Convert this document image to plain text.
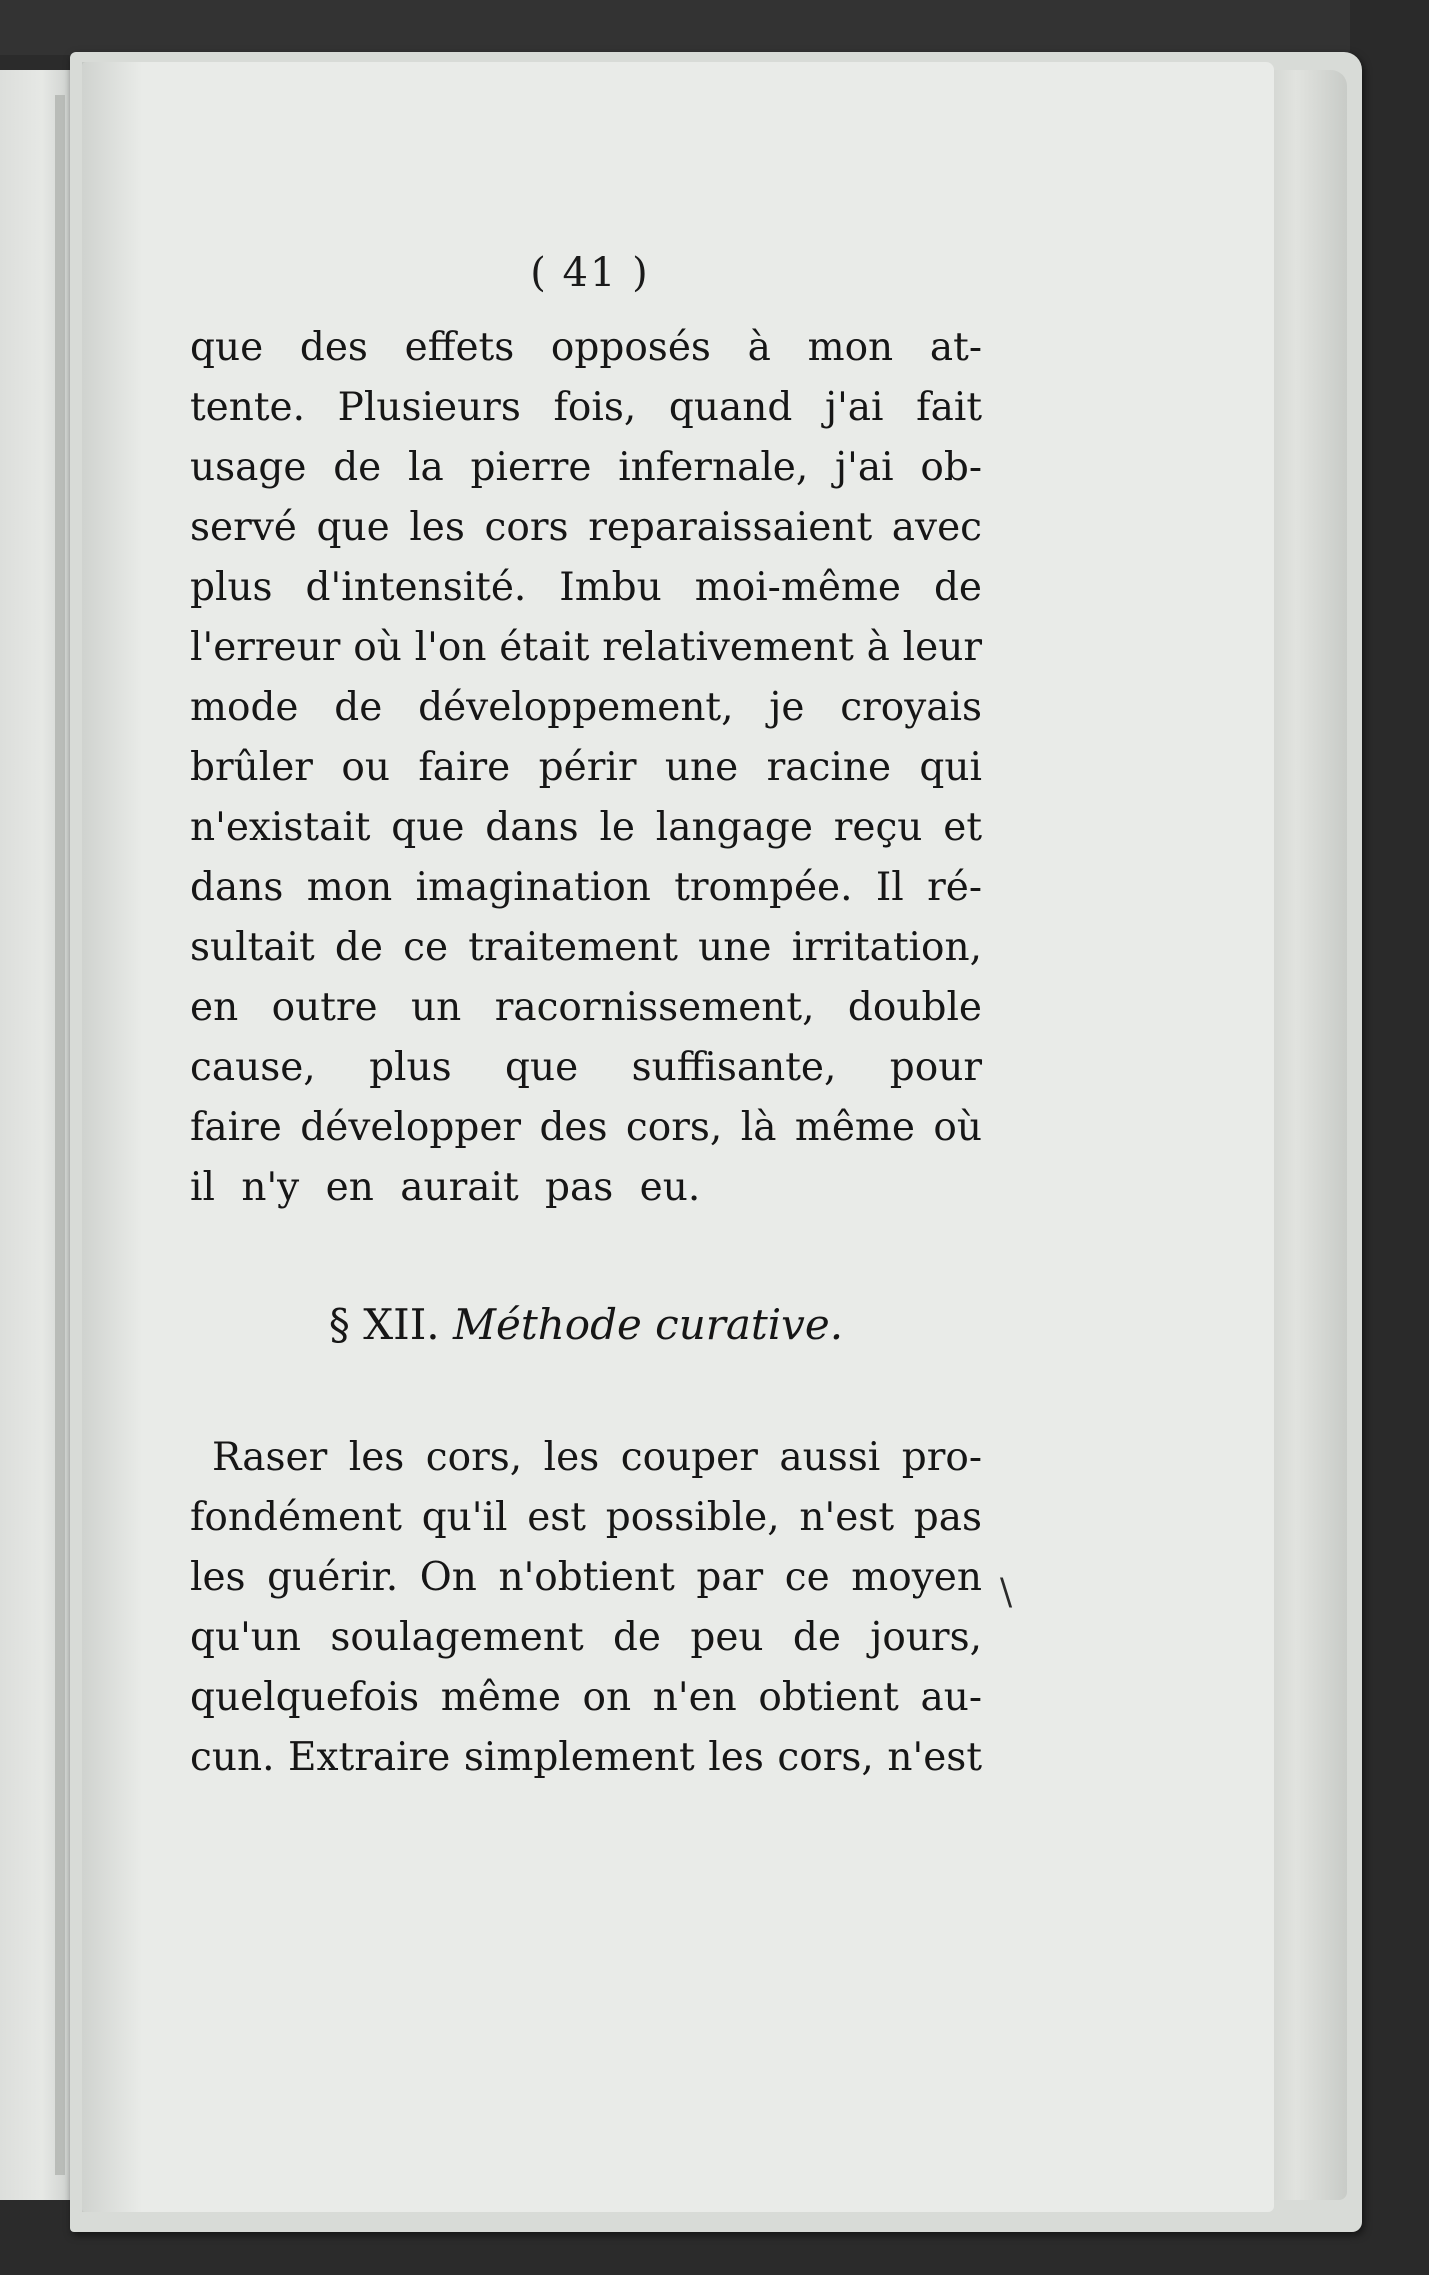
( 41 )
que des effets opposés à mon at-
tente. Plusieurs fois, quand j'ai fait
usage de la pierre infernale, j'ai ob-
servé que les cors reparaissaient avec
plus d'intensité. Imbu moi-même de
l'erreur où l'on était relativement à leur
mode de développement, je croyais
brûler ou faire périr une racine qui
n'existait que dans le langage reçu et
dans mon imagination trompée. Il ré-
sultait de ce traitement une irritation,
en outre un racornissement, double
cause, plus que suffisante, pour
faire développer des cors, là même où
il n'y en aurait pas eu.
§ XII. Méthode curative.
Raser les cors, les couper aussi pro-
fondément qu'il est possible, n'est pas
les guérir. On n'obtient par ce moyen
qu'un soulagement de peu de jours,
quelquefois même on n'en obtient au-
cun. Extraire simplement les cors, n'est
\
